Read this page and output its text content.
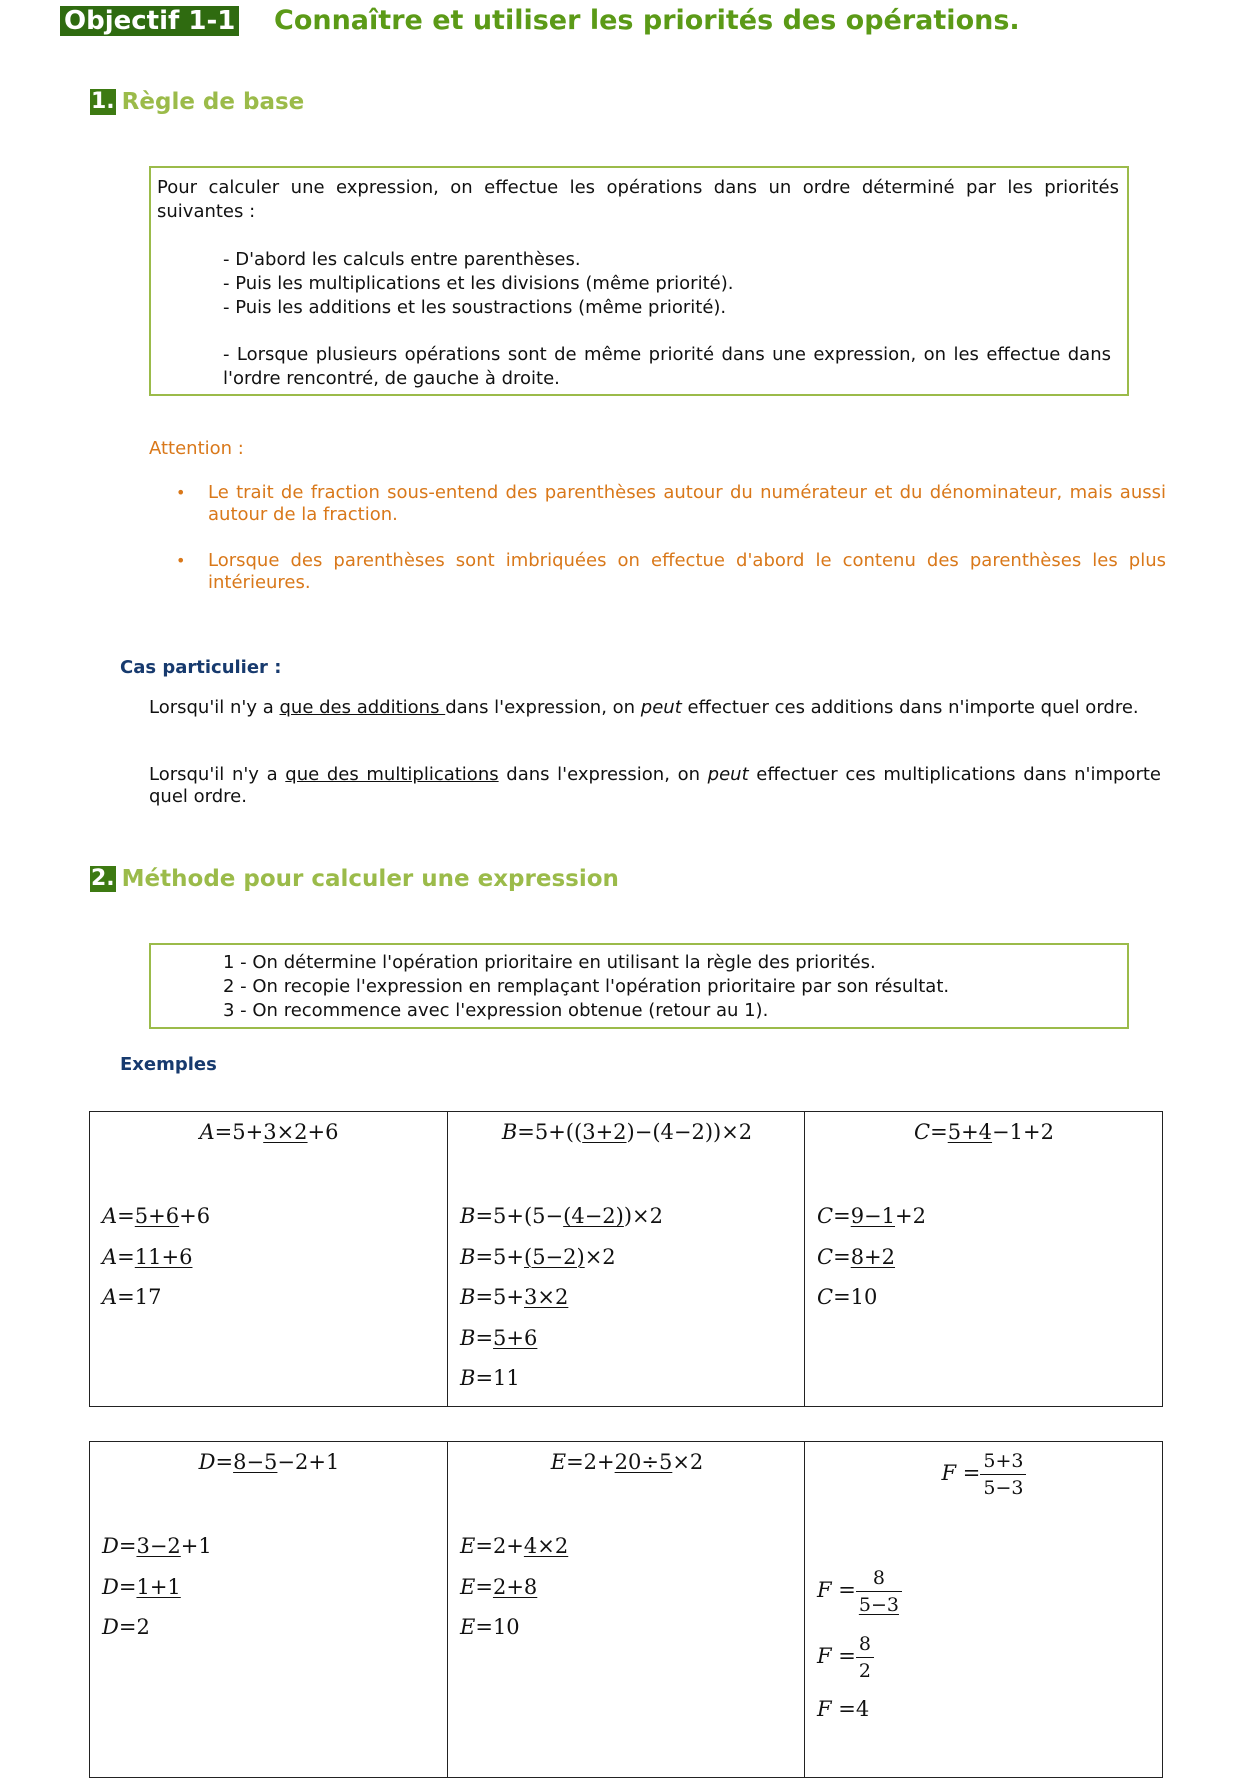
Objectif 1-1 Connaître et utiliser les priorités des opérations.
1. Règle de base
Pour calculer une expression, on effectue les opérations dans un ordre déterminé par les priorités suivantes :
- D'abord les calculs entre parenthèses.
- Puis les multiplications et les divisions (même priorité).
- Puis les additions et les soustractions (même priorité).
- Lorsque plusieurs opérations sont de même priorité dans une expression, on les effectue dans l'ordre rencontré, de gauche à droite.
Attention :
• Le trait de fraction sous-entend des parenthèses autour du numérateur et du dénominateur, mais aussi autour de la fraction.
• Lorsque des parenthèses sont imbriquées on effectue d'abord le contenu des parenthèses les plus intérieures.
Cas particulier :
Lorsqu'il n'y a que des additions dans l'expression, on peut effectuer ces additions dans n'importe quel ordre.
Lorsqu'il n'y a que des multiplications dans l'expression, on peut effectuer ces multiplications dans n'importe quel ordre.
2. Méthode pour calculer une expression
1 - On détermine l'opération prioritaire en utilisant la règle des priorités.
2 - On recopie l'expression en remplaçant l'opération prioritaire par son résultat.
3 - On recommence avec l'expression obtenue (retour au 1).
Exemples
A=5+3×2+6
A=5+6+6
A=11+6
A=17
B=5+((3+2)−(4−2))×2
B=5+(5−(4−2))×2
B=5+(5−2)×2
B=5+3×2
B=5+6
B=11
C=5+4−1+2
C=9−1+2
C=8+2
C=10
D=8−5−2+1
D=3−2+1
D=1+1
D=2
E=2+20÷5×2
E=2+4×2
E=2+8
E=10
$F = \frac{5+3}{5-3}$
$F = \frac{8}{5-3}$
$F = \frac{8}{2}$
F =4
